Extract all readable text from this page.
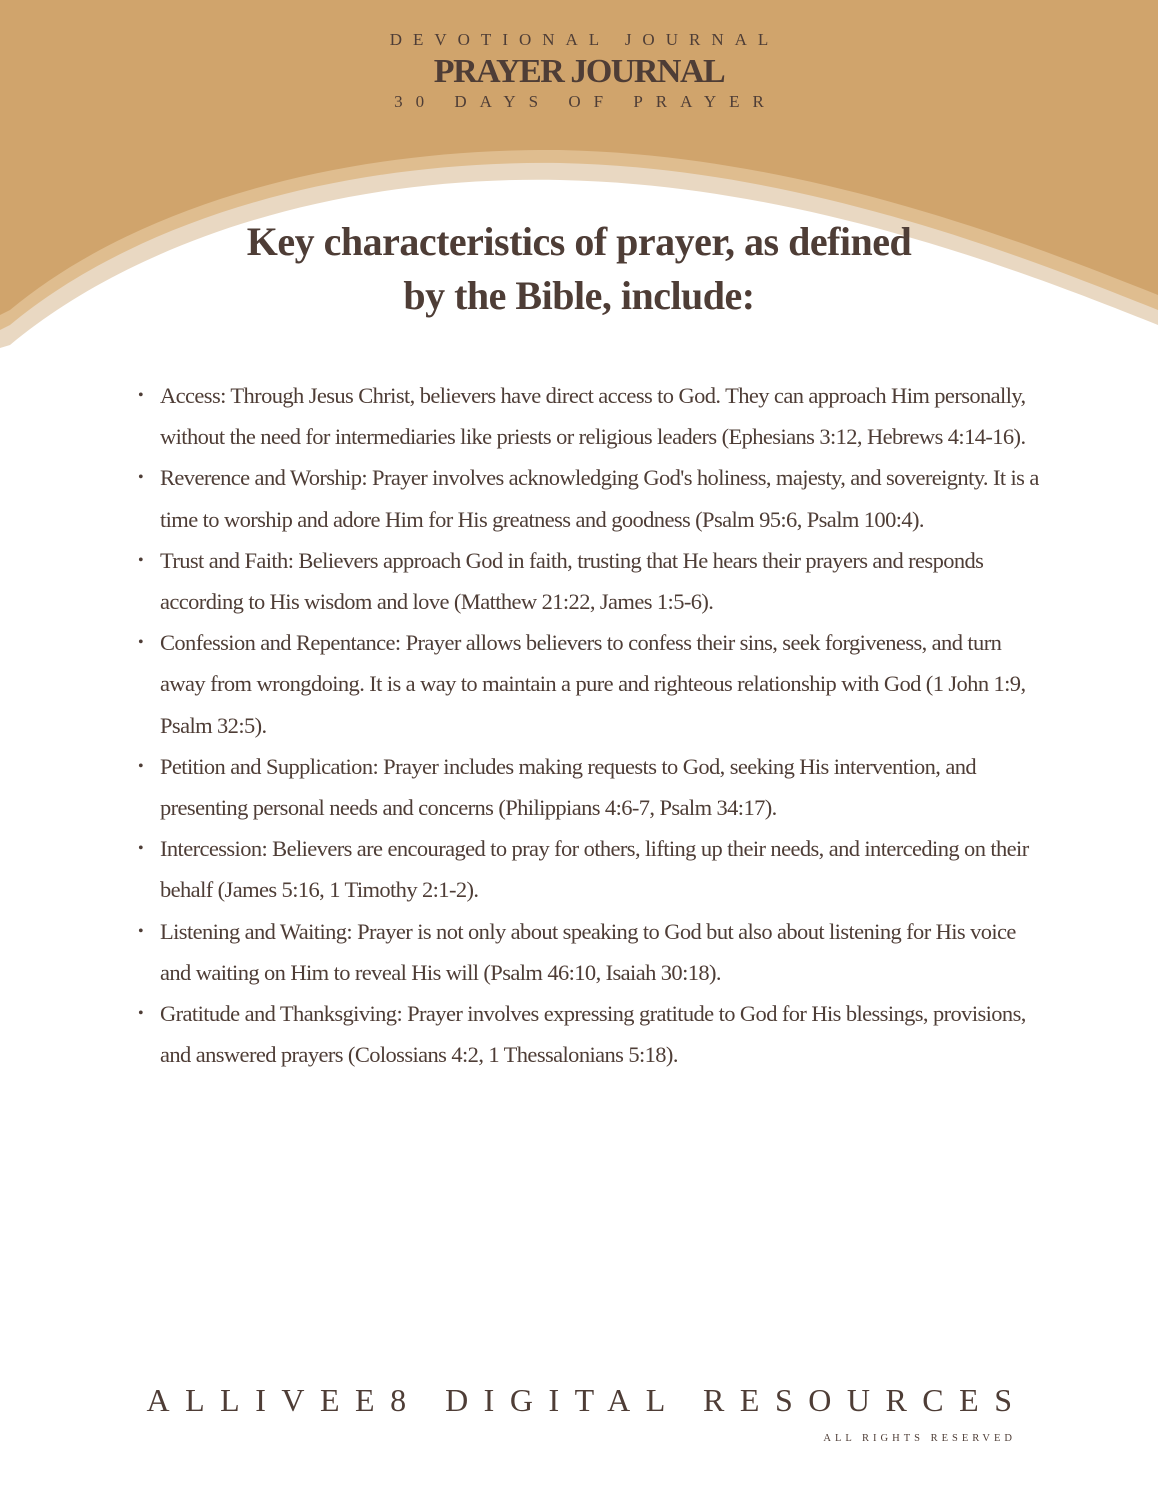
DEVOTIONAL JOURNAL

PRAYER JOURNAL

30 DAYS OF PRAYER

Key characteristics of prayer, as defined
by the Bible, include:
• Access: Through Jesus Christ, believers have direct access to God. They can approach Him personally, without the need for intermediaries like priests or religious leaders (Ephesians 3:12, Hebrews 4:14-16).
• Reverence and Worship: Prayer involves acknowledging God's holiness, majesty, and sovereignty. It is a time to worship and adore Him for His greatness and goodness (Psalm 95:6, Psalm 100:4).
• Trust and Faith: Believers approach God in faith, trusting that He hears their prayers and responds according to His wisdom and love (Matthew 21:22, James 1:5-6).
• Confession and Repentance: Prayer allows believers to confess their sins, seek forgiveness, and turn away from wrongdoing. It is a way to maintain a pure and righteous relationship with God (1 John 1:9, Psalm 32:5).
• Petition and Supplication: Prayer includes making requests to God, seeking His intervention, and presenting personal needs and concerns (Philippians 4:6-7, Psalm 34:17).
• Intercession: Believers are encouraged to pray for others, lifting up their needs, and interceding on their behalf (James 5:16, 1 Timothy 2:1-2).
• Listening and Waiting: Prayer is not only about speaking to God but also about listening for His voice and waiting on Him to reveal His will (Psalm 46:10, Isaiah 30:18).
• Gratitude and Thanksgiving: Prayer involves expressing gratitude to God for His blessings, provisions, and answered prayers (Colossians 4:2, 1 Thessalonians 5:18).
ALLIVEE8 DIGITAL RESOURCES
ALL RIGHTS RESERVED
